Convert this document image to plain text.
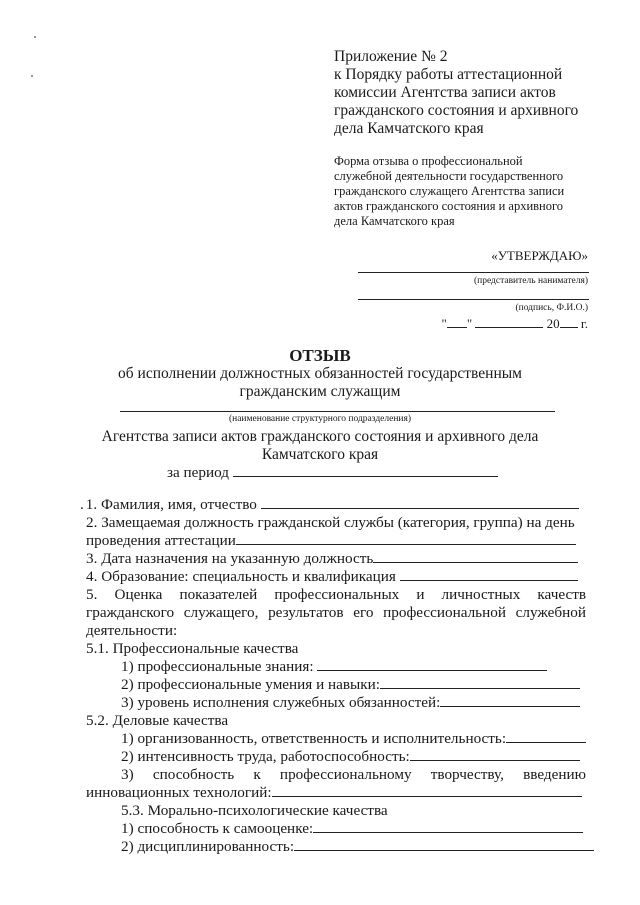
Приложение № 2
к Порядку работы аттестационной
комиссии Агентства записи актов
гражданского состояния и архивного
дела Камчатского края
Форма отзыва о профессиональной
служебной деятельности государственного
гражданского служащего Агентства записи
актов гражданского состояния и архивного
дела Камчатского края
«УТВЕРЖДАЮ»
(представитель нанимателя)
(подпись, Ф.И.О.)
" "	20 г.
ОТЗЫВ
об исполнении должностных обязанностей государственным
гражданским служащим
(наименование структурного подразделения)
Агентства записи актов гражданского состояния и архивного дела
Камчатского края
за период
. 1. Фамилия, имя, отчество
2. Замещаемая должность гражданской службы (категория, группа) на день
проведения аттестации
3. Дата назначения на указанную должность
4. Образование: специальность и квалификация
5. Оценка показателей профессиональных и личностных качеств
гражданского служащего, результатов его профессиональной служебной
деятельности:
5.1. Профессиональные качества
1) профессиональные знания:
2) профессиональные умения и навыки:
3) уровень исполнения служебных обязанностей:
5.2. Деловые качества
1) организованность, ответственность и исполнительность:
2) интенсивность труда, работоспособность:
3) способность к профессиональному творчеству, введению
инновационных технологий:
5.3. Морально-психологические качества
1) способность к самооценке:
2) дисциплинированность:
